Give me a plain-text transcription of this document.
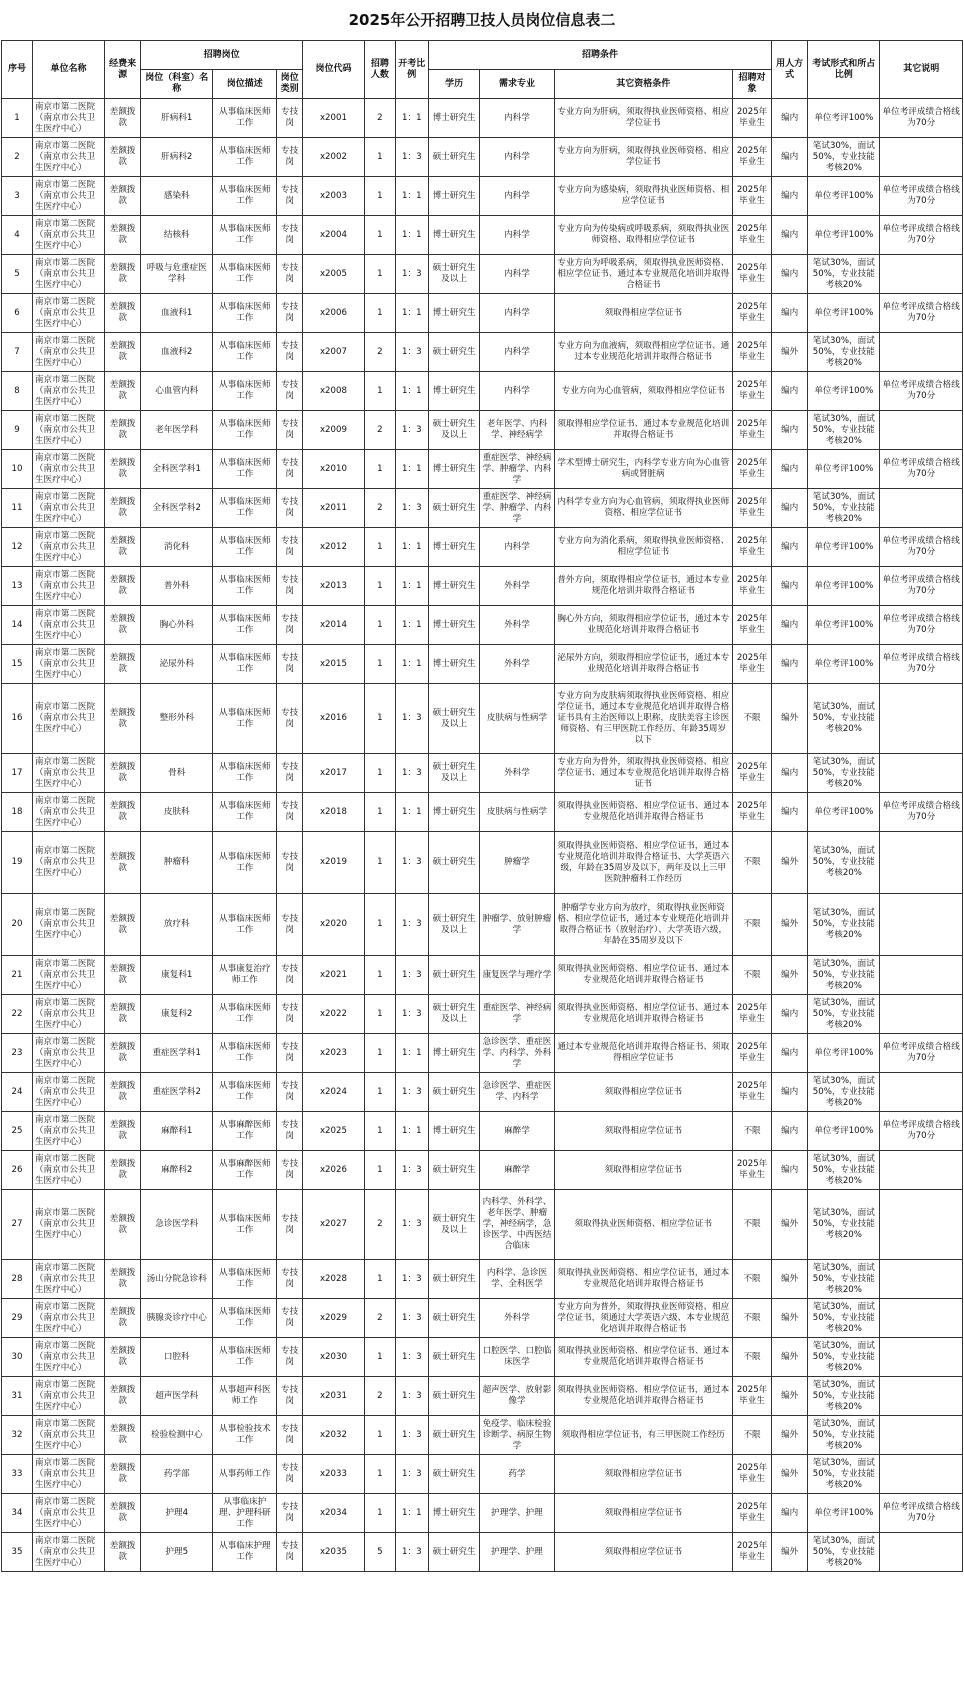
2025年公开招聘卫技人员岗位信息表二
序号	单位名称	经费来源	招聘岗位			岗位代码	招聘人数	开考比例	招聘条件				用人方式	考试形式和所占比例	其它说明
			岗位（科室）名称	岗位描述	岗位类别				学历	需求专业	其它资格条件	招聘对象			
1	南京市第二医院（南京市公共卫生医疗中心）	差额拨款	肝病科1	从事临床医师工作	专技岗	x2001	2	1：1	博士研究生	内科学	专业方向为肝病，须取得执业医师资格、相应学位证书	2025年毕业生	编内	单位考评100%	单位考评成绩合格线为70分
2	南京市第二医院（南京市公共卫生医疗中心）	差额拨款	肝病科2	从事临床医师工作	专技岗	x2002	1	1：3	硕士研究生	内科学	专业方向为肝病，须取得执业医师资格、相应学位证书	2025年毕业生	编内	笔试30%，面试50%，专业技能考核20%	
3	南京市第二医院（南京市公共卫生医疗中心）	差额拨款	感染科	从事临床医师工作	专技岗	x2003	1	1：1	博士研究生	内科学	专业方向为感染病，须取得执业医师资格、相应学位证书	2025年毕业生	编内	单位考评100%	单位考评成绩合格线为70分
4	南京市第二医院（南京市公共卫生医疗中心）	差额拨款	结核科	从事临床医师工作	专技岗	x2004	1	1：1	博士研究生	内科学	专业方向为传染病或呼吸系病，须取得执业医师资格、取得相应学位证书	2025年毕业生	编内	单位考评100%	单位考评成绩合格线为70分
5	南京市第二医院（南京市公共卫生医疗中心）	差额拨款	呼吸与危重症医学科	从事临床医师工作	专技岗	x2005	1	1：3	硕士研究生及以上	内科学	专业方向为呼吸系病，须取得执业医师资格、相应学位证书、通过本专业规范化培训并取得合格证书	2025年毕业生	编内	笔试30%，面试50%，专业技能考核20%	
6	南京市第二医院（南京市公共卫生医疗中心）	差额拨款	血液科1	从事临床医师工作	专技岗	x2006	1	1：1	博士研究生	内科学	须取得相应学位证书	2025年毕业生	编内	单位考评100%	单位考评成绩合格线为70分
7	南京市第二医院（南京市公共卫生医疗中心）	差额拨款	血液科2	从事临床医师工作	专技岗	x2007	2	1：3	硕士研究生	内科学	专业方向为血液病，须取得相应学位证书、通过本专业规范化培训并取得合格证书	2025年毕业生	编外	笔试30%，面试50%，专业技能考核20%	
8	南京市第二医院（南京市公共卫生医疗中心）	差额拨款	心血管内科	从事临床医师工作	专技岗	x2008	1	1：1	博士研究生	内科学	专业方向为心血管病，须取得相应学位证书	2025年毕业生	编内	单位考评100%	单位考评成绩合格线为70分
9	南京市第二医院（南京市公共卫生医疗中心）	差额拨款	老年医学科	从事临床医师工作	专技岗	x2009	2	1：3	硕士研究生及以上	老年医学、内科学、神经病学	须取得相应学位证书、通过本专业规范化培训并取得合格证书	2025年毕业生	编内	笔试30%，面试50%，专业技能考核20%	
10	南京市第二医院（南京市公共卫生医疗中心）	差额拨款	全科医学科1	从事临床医师工作	专技岗	x2010	1	1：1	博士研究生	重症医学、神经病学、肿瘤学、内科学	学术型博士研究生，内科学专业方向为心血管病或肾脏病	2025年毕业生	编内	单位考评100%	单位考评成绩合格线为70分
11	南京市第二医院（南京市公共卫生医疗中心）	差额拨款	全科医学科2	从事临床医师工作	专技岗	x2011	2	1：3	硕士研究生	重症医学、神经病学、肿瘤学、内科学	内科学专业方向为心血管病，须取得执业医师资格、相应学位证书	2025年毕业生	编内	笔试30%，面试50%，专业技能考核20%	
12	南京市第二医院（南京市公共卫生医疗中心）	差额拨款	消化科	从事临床医师工作	专技岗	x2012	1	1：1	博士研究生	内科学	专业方向为消化系病，须取得执业医师资格、相应学位证书	2025年毕业生	编内	单位考评100%	单位考评成绩合格线为70分
13	南京市第二医院（南京市公共卫生医疗中心）	差额拨款	普外科	从事临床医师工作	专技岗	x2013	1	1：1	博士研究生	外科学	普外方向，须取得相应学位证书，通过本专业规范化培训并取得合格证书	2025年毕业生	编内	单位考评100%	单位考评成绩合格线为70分
14	南京市第二医院（南京市公共卫生医疗中心）	差额拨款	胸心外科	从事临床医师工作	专技岗	x2014	1	1：1	博士研究生	外科学	胸心外方向，须取得相应学位证书，通过本专业规范化培训并取得合格证书	2025年毕业生	编内	单位考评100%	单位考评成绩合格线为70分
15	南京市第二医院（南京市公共卫生医疗中心）	差额拨款	泌尿外科	从事临床医师工作	专技岗	x2015	1	1：1	博士研究生	外科学	泌尿外方向，须取得相应学位证书，通过本专业规范化培训并取得合格证书	2025年毕业生	编内	单位考评100%	单位考评成绩合格线为70分
16	南京市第二医院（南京市公共卫生医疗中心）	差额拨款	整形外科	从事临床医师工作	专技岗	x2016	1	1：3	硕士研究生及以上	皮肤病与性病学	专业方向为皮肤病须取得执业医师资格、相应学位证书，通过本专业规范化培训并取得合格证书具有主治医师以上职称，皮肤美容主诊医师资格、有三甲医院工作经历、年龄35周岁以下	不限	编外	笔试30%，面试50%，专业技能考核20%	
17	南京市第二医院（南京市公共卫生医疗中心）	差额拨款	骨科	从事临床医师工作	专技岗	x2017	1	1：3	硕士研究生及以上	外科学	专业方向为骨外，须取得执业医师资格、相应学位证书、通过本专业规范化培训并取得合格证书	2025年毕业生	编内	笔试30%，面试50%，专业技能考核20%	
18	南京市第二医院（南京市公共卫生医疗中心）	差额拨款	皮肤科	从事临床医师工作	专技岗	x2018	1	1：1	博士研究生	皮肤病与性病学	须取得执业医师资格、相应学位证书、通过本专业规范化培训并取得合格证书	2025年毕业生	编内	单位考评100%	单位考评成绩合格线为70分
19	南京市第二医院（南京市公共卫生医疗中心）	差额拨款	肿瘤科	从事临床医师工作	专技岗	x2019	1	1：3	硕士研究生	肿瘤学	须取得执业医师资格、相应学位证书，通过本专业规范化培训并取得合格证书、大学英语六级，年龄在35周岁及以下，两年及以上三甲医院肿瘤科工作经历	不限	编外	笔试30%，面试50%，专业技能考核20%	
20	南京市第二医院（南京市公共卫生医疗中心）	差额拨款	放疗科	从事临床医师工作	专技岗	x2020	1	1：3	硕士研究生及以上	肿瘤学、放射肿瘤学	肿瘤学专业方向为放疗，须取得执业医师资格、相应学位证书，通过本专业规范化培训并取得合格证书（放射治疗）、大学英语六级，年龄在35周岁及以下	不限	编外	笔试30%，面试50%，专业技能考核20%	
21	南京市第二医院（南京市公共卫生医疗中心）	差额拨款	康复科1	从事康复治疗师工作	专技岗	x2021	1	1：3	硕士研究生	康复医学与理疗学	须取得执业医师资格、相应学位证书、通过本专业规范化培训并取得合格证书	不限	编外	笔试30%，面试50%，专业技能考核20%	
22	南京市第二医院（南京市公共卫生医疗中心）	差额拨款	康复科2	从事临床医师工作	专技岗	x2022	1	1：3	硕士研究生及以上	重症医学、神经病学	须取得执业医师资格、相应学位证书、通过本专业规范化培训并取得合格证书	2025年毕业生	编内	笔试30%，面试50%，专业技能考核20%	
23	南京市第二医院（南京市公共卫生医疗中心）	差额拨款	重症医学科1	从事临床医师工作	专技岗	x2023	1	1：1	博士研究生	急诊医学、重症医学、内科学、外科学	通过本专业规范化培训并取得合格证书、须取得相应学位证书	2025年毕业生	编内	单位考评100%	单位考评成绩合格线为70分
24	南京市第二医院（南京市公共卫生医疗中心）	差额拨款	重症医学科2	从事临床医师工作	专技岗	x2024	1	1：3	硕士研究生	急诊医学、重症医学、内科学	须取得相应学位证书	2025年毕业生	编内	笔试30%，面试50%，专业技能考核20%	
25	南京市第二医院（南京市公共卫生医疗中心）	差额拨款	麻醉科1	从事麻醉医师工作	专技岗	x2025	1	1：1	博士研究生	麻醉学	须取得相应学位证书	不限	编内	单位考评100%	单位考评成绩合格线为70分
26	南京市第二医院（南京市公共卫生医疗中心）	差额拨款	麻醉科2	从事麻醉医师工作	专技岗	x2026	1	1：3	硕士研究生	麻醉学	须取得相应学位证书	2025年毕业生	编内	笔试30%，面试50%，专业技能考核20%	
27	南京市第二医院（南京市公共卫生医疗中心）	差额拨款	急诊医学科	从事临床医师工作	专技岗	x2027	2	1：3	硕士研究生及以上	内科学、外科学、老年医学、肿瘤学，神经病学，急诊医学、中西医结合临床	须取得执业医师资格、相应学位证书	不限	编外	笔试30%，面试50%，专业技能考核20%	
28	南京市第二医院（南京市公共卫生医疗中心）	差额拨款	汤山分院急诊科	从事临床医师工作	专技岗	x2028	1	1：3	硕士研究生	内科学、急诊医学、全科医学	须取得执业医师资格、相应学位证书，通过本专业规范化培训并取得合格证书	不限	编外	笔试30%，面试50%，专业技能考核20%	
29	南京市第二医院（南京市公共卫生医疗中心）	差额拨款	胰腺炎诊疗中心	从事临床医师工作	专技岗	x2029	2	1：3	硕士研究生	外科学	专业方向为普外，须取得执业医师资格、相应学位证书，须通过大学英语六级、本专业规范化培训并取得合格证书	不限	编外	笔试30%，面试50%，专业技能考核20%	
30	南京市第二医院（南京市公共卫生医疗中心）	差额拨款	口腔科	从事临床医师工作	专技岗	x2030	1	1：3	硕士研究生	口腔医学、口腔临床医学	须取得执业医师资格、相应学位证书、通过本专业规范化培训并取得合格证书	不限	编外	笔试30%，面试50%，专业技能考核20%	
31	南京市第二医院（南京市公共卫生医疗中心）	差额拨款	超声医学科	从事超声科医师工作	专技岗	x2031	2	1：3	硕士研究生	超声医学、放射影像学	须取得执业医师资格、相应学位证书，通过本专业规范化培训并取得合格证书	2025年毕业生	编外	笔试30%，面试50%，专业技能考核20%	
32	南京市第二医院（南京市公共卫生医疗中心）	差额拨款	检验检测中心	从事检验技术工作	专技岗	x2032	1	1：3	硕士研究生	免疫学、临床检验诊断学、病原生物学	须取得相应学位证书，有三甲医院工作经历	不限	编外	笔试30%，面试50%，专业技能考核20%	
33	南京市第二医院（南京市公共卫生医疗中心）	差额拨款	药学部	从事药师工作	专技岗	x2033	1	1：3	硕士研究生	药学	须取得相应学位证书	2025年毕业生	编外	笔试30%，面试50%，专业技能考核20%	
34	南京市第二医院（南京市公共卫生医疗中心）	差额拨款	护理4	从事临床护理、护理科研工作	专技岗	x2034	1	1：1	博士研究生	护理学、护理	须取得相应学位证书	2025年毕业生	编内	单位考评100%	单位考评成绩合格线为70分
35	南京市第二医院（南京市公共卫生医疗中心）	差额拨款	护理5	从事临床护理工作	专技岗	x2035	5	1：3	硕士研究生	护理学、护理	须取得相应学位证书	2025年毕业生	编外	笔试30%，面试50%，专业技能考核20%	
